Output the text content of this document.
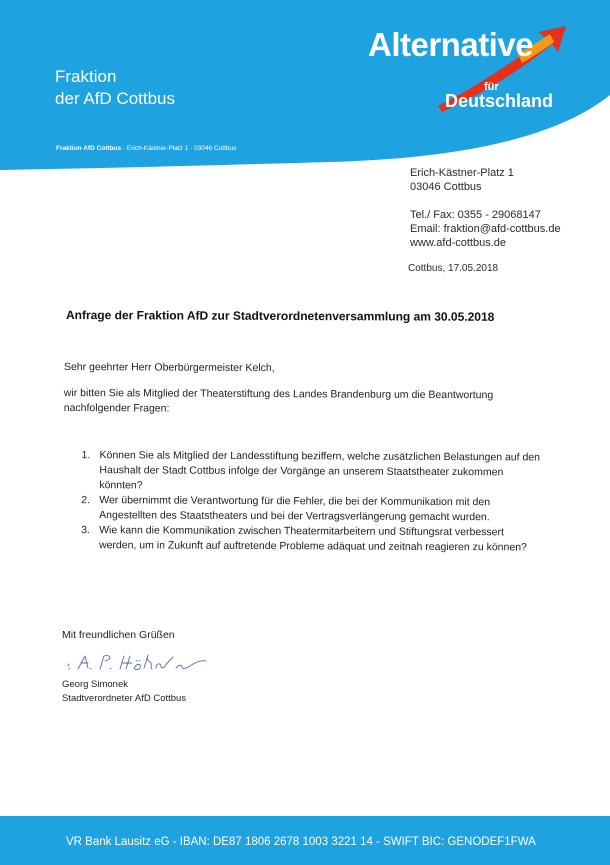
Fraktion
der AfD Cottbus
Fraktion AfD Cottbus · Erich-Kästner-Platz 1 · 03046 Cottbus
Alternative
für
Deutschland
Erich-Kästner-Platz 1
03046 Cottbus
Tel./ Fax: 0355 - 29068147
Email: fraktion@afd-cottbus.de
www.afd-cottbus.de
Cottbus, 17.05.2018
Anfrage der Fraktion AfD zur Stadtverordnetenversammlung am 30.05.2018
Sehr geehrter Herr Oberbürgermeister Kelch,
wir bitten Sie als Mitglied der Theaterstiftung des Landes Brandenburg um die Beantwortung nachfolgender Fragen:
1. Können Sie als Mitglied der Landesstiftung beziffern, welche zusätzlichen Belastungen auf den Haushalt der Stadt Cottbus infolge der Vorgänge an unserem Staatstheater zukommen könnten?
2. Wer übernimmt die Verantwortung für die Fehler, die bei der Kommunikation mit den Angestellten des Staatstheaters und bei der Vertragsverlängerung gemacht wurden.
3. Wie kann die Kommunikation zwischen Theatermitarbeitern und Stiftungsrat verbessert werden, um in Zukunft auf auftretende Probleme adäquat und zeitnah reagieren zu können?
Mit freundlichen Grüßen
Georg Simonek
Stadtverordneter AfD Cottbus
VR Bank Lausitz eG - IBAN: DE87 1806 2678 1003 3221 14 - SWIFT BIC: GENODEF1FWA
